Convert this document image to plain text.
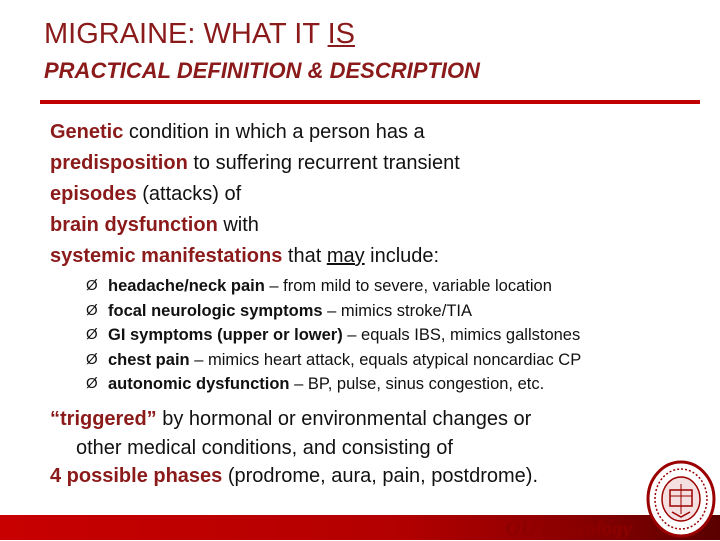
MIGRAINE: WHAT IT IS
PRACTICAL DEFINITION & DESCRIPTION
Genetic condition in which a person has a
predisposition to suffering recurrent transient
episodes (attacks) of
brain dysfunction with
systemic manifestations that may include:
Ø headache/neck pain – from mild to severe, variable location
Ø focal neurologic symptoms – mimics stroke/TIA
Ø GI symptoms (upper or lower) – equals IBS, mimics gallstones
Ø chest pain – mimics heart attack, equals atypical noncardiac CP
Ø autonomic dysfunction – BP, pulse, sinus congestion, etc.
“triggered” by hormonal or environmental changes or
other medical conditions, and consisting of
4 possible phases (prodrome, aura, pain, postdrome).
OU Neurology
